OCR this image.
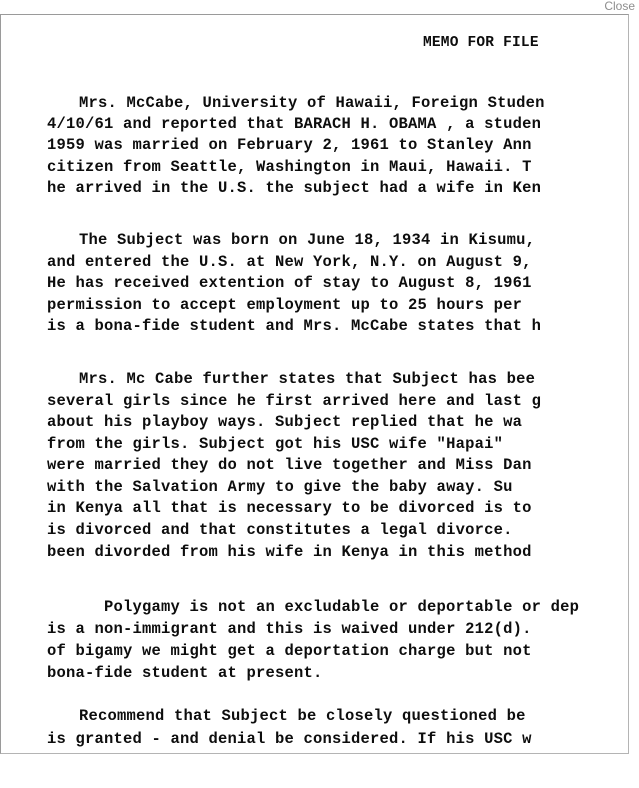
Close
MEMO FOR FILE
Mrs. McCabe, University of Hawaii, Foreign Studen
4/10/61 and reported that BARACH H. OBAMA , a studen
1959 was married on February 2, 1961 to Stanley Ann
citizen from Seattle, Washington in Maui, Hawaii. T
he arrived in the U.S. the subject had a wife in Ken
The Subject was born on June 18, 1934 in Kisumu,
and entered the U.S. at New York, N.Y. on August 9,
He has received extention of stay to August 8, 1961
permission to accept employment up to 25 hours per
is a bona-fide student and Mrs. McCabe states that h
Mrs. Mc Cabe further states that Subject has bee
several girls since he first arrived here and last g
about his playboy ways. Subject replied that he wa
from the girls. Subject got his USC wife "Hapai"
were married they do not live together and Miss Dan
with the Salvation Army to give the baby away. Su
in Kenya all that is necessary to be divorced is to
is divorced and that constitutes a legal divorce.
been divorded from his wife in Kenya in this method
Polygamy is not an excludable or deportable or dep
is a non-immigrant and this is waived under 212(d).
of bigamy we might get a deportation charge but not
bona-fide student at present.
Recommend that Subject be closely questioned be
is granted - and denial be considered. If his USC w
